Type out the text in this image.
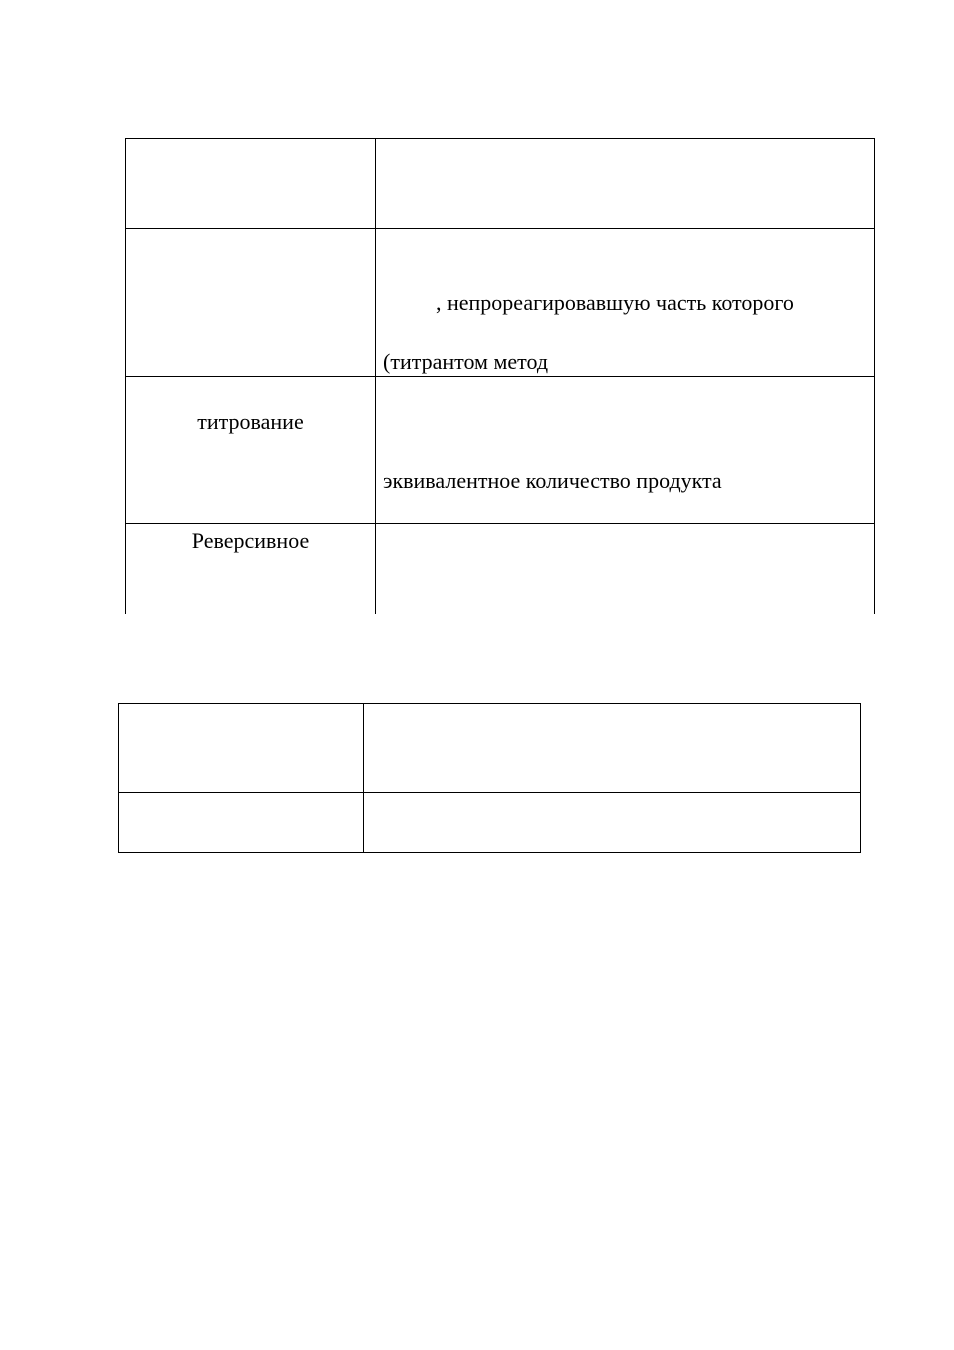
, непрореагировавшую часть которого
(титрантом метод
титрование
эквивалентное количество продукта
Реверсивное
